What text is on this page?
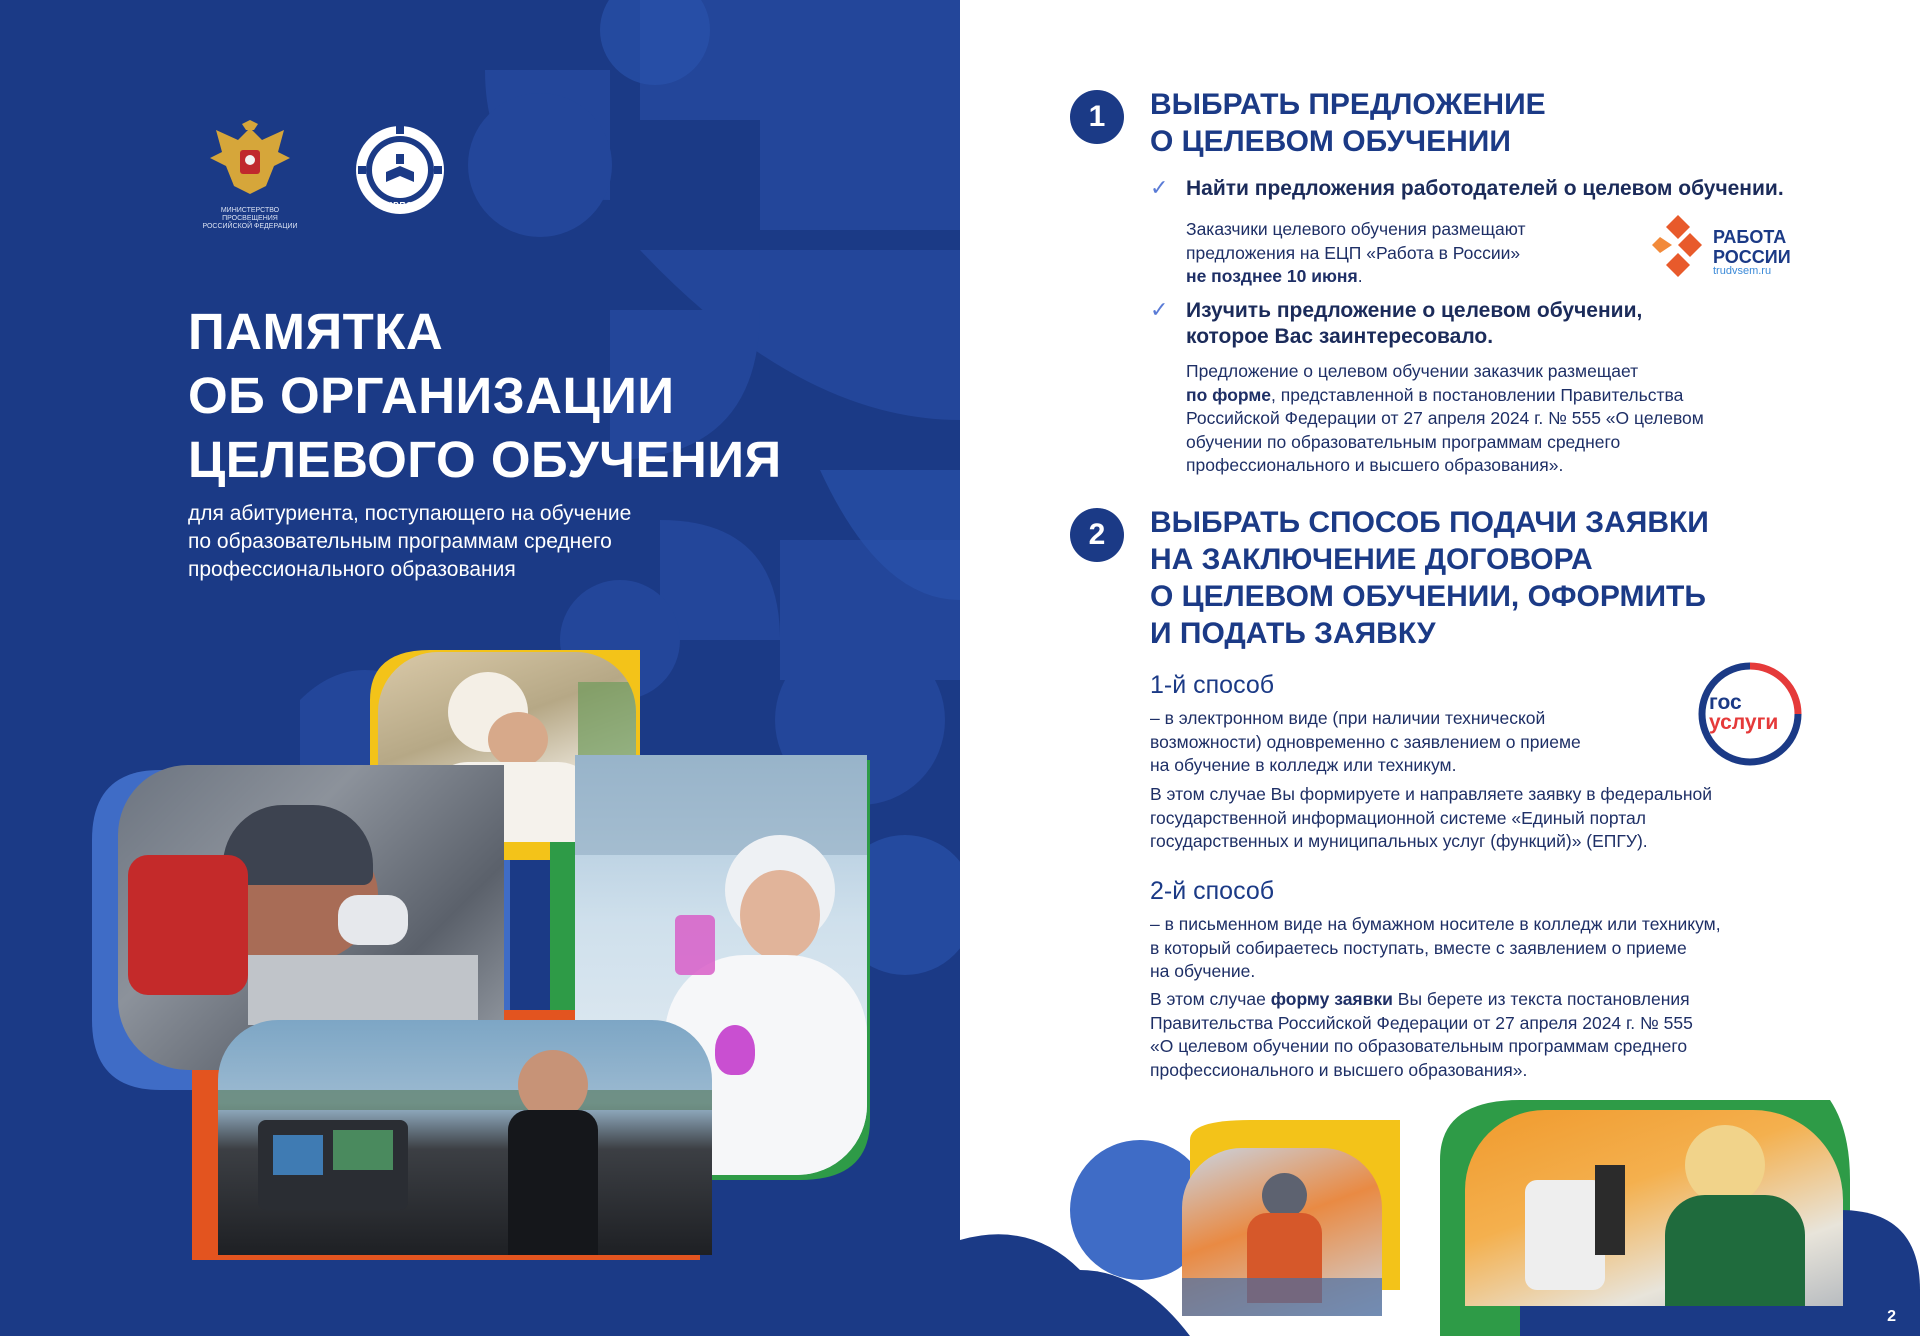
МИНИСТЕРСТВО ПРОСВЕЩЕНИЯ
РОССИЙСКОЙ ФЕДЕРАЦИИ
ИРПО
ПАМЯТКА
ОБ ОРГАНИЗАЦИИ
ЦЕЛЕВОГО ОБУЧЕНИЯ
для абитуриента, поступающего на обучение
по образовательным программам среднего
профессионального образования
1	ВЫБРАТЬ ПРЕДЛОЖЕНИЕ
О ЦЕЛЕВОМ ОБУЧЕНИИ
✓ Найти предложения работодателей о целевом обучении.
Заказчики целевого обучения размещают
предложения на ЕЦП «Работа в России»
не позднее 10 июня.
РАБОТА
РОССИИ
trudvsem.ru
✓ Изучить предложение о целевом обучении,
которое Вас заинтересовало.
Предложение о целевом обучении заказчик размещает
по форме, представленной в постановлении Правительства
Российской Федерации от 27 апреля 2024 г. № 555 «О целевом
обучении по образовательным программам среднего
профессионального и высшего образования».
2	ВЫБРАТЬ СПОСОБ ПОДАЧИ ЗАЯВКИ
НА ЗАКЛЮЧЕНИЕ ДОГОВОРА
О ЦЕЛЕВОМ ОБУЧЕНИИ, ОФОРМИТЬ
И ПОДАТЬ ЗАЯВКУ
1-й способ
– в электронном виде (при наличии технической
возможности) одновременно с заявлением о приеме
на обучение в колледж или техникум.
В этом случае Вы формируете и направляете заявку в федеральной
государственной информационной системе «Единый портал
государственных и муниципальных услуг (функций)» (ЕПГУ).
гос
услуги
2-й способ
– в письменном виде на бумажном носителе в колледж или техникум,
в который собираетесь поступать, вместе с заявлением о приеме
на обучение.
В этом случае форму заявки Вы берете из текста постановления
Правительства Российской Федерации от 27 апреля 2024 г. № 555
«О целевом обучении по образовательным программам среднего
профессионального и высшего образования».
2
